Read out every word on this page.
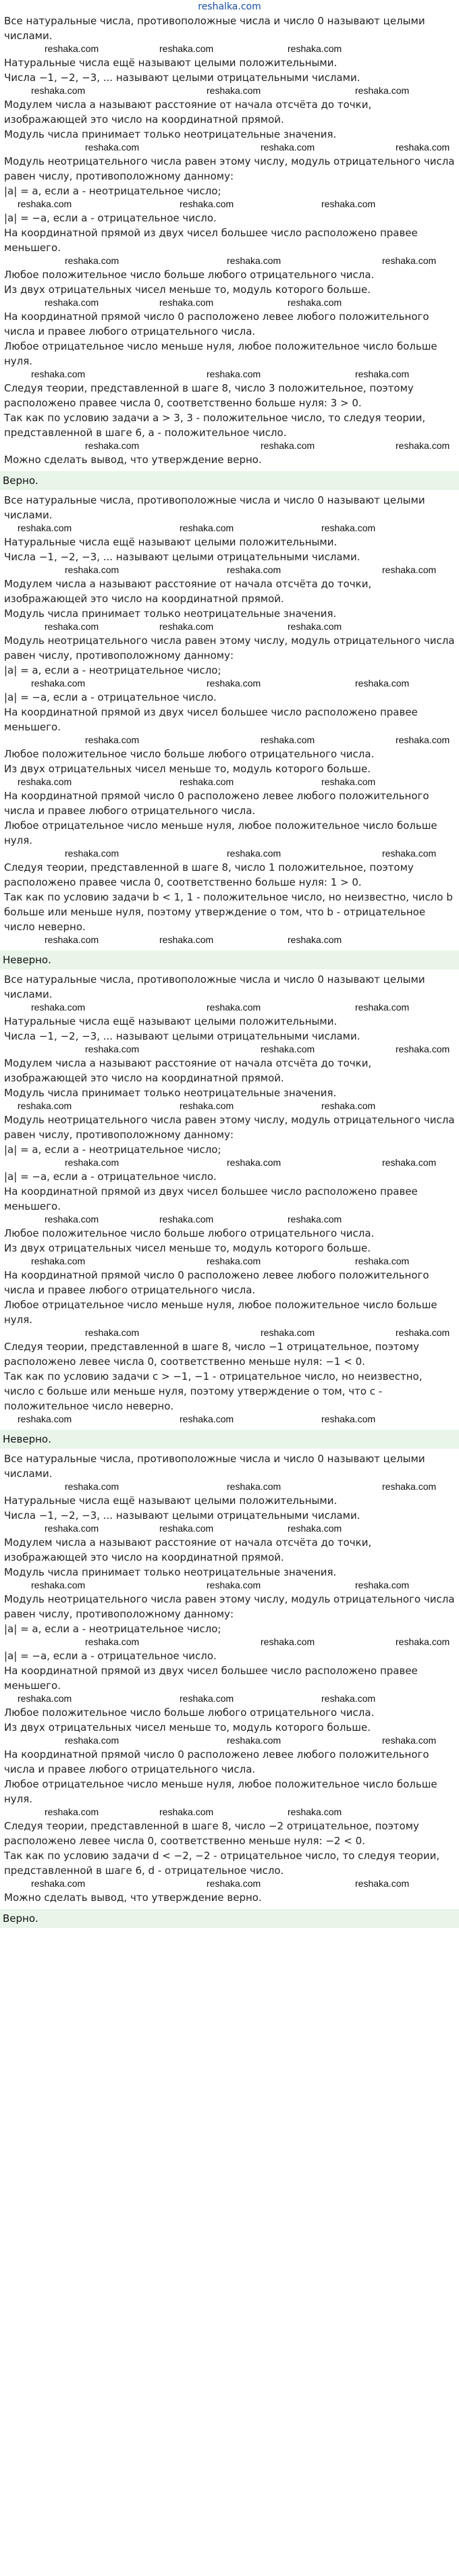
reshalka.com

Все натуральные числа, противоположные числа и число 0 называют целыми числами.

reshaka.com	reshaka.com	reshaka.com

Натуральные числа ещё называют целыми положительными.

Числа −1, −2, −3, ... называют целыми отрицательными числами.

reshaka.com	reshaka.com	reshaka.com

Модулем числа a называют расстояние от начала отсчёта до точки, изображающей это число на координатной прямой.

Модуль числа принимает только неотрицательные значения.

reshaka.com	reshaka.com	reshaka.com

Модуль неотрицательного числа равен этому числу, модуль отрицательного числа равен числу, противоположному данному:

|a| = a, если a - неотрицательное число;

reshaka.com	reshaka.com	reshaka.com

|a| = −a, если a - отрицательное число.

На координатной прямой из двух чисел большее число расположено правее меньшего.

reshaka.com	reshaka.com	reshaka.com

Любое положительное число больше любого отрицательного числа.

Из двух отрицательных чисел меньше то, модуль которого больше.

reshaka.com	reshaka.com	reshaka.com

На координатной прямой число 0 расположено левее любого положительного числа и правее любого отрицательного числа.

Любое отрицательное число меньше нуля, любое положительное число больше нуля.

reshaka.com	reshaka.com	reshaka.com

Следуя теории, представленной в шаге 8, число 3 положительное, поэтому расположено правее числа 0, соответственно больше нуля: 3 > 0.

Так как по условию задачи a > 3, 3 - положительное число, то следуя теории, представленной в шаге 6, a - положительное число.

reshaka.com	reshaka.com	reshaka.com

Можно сделать вывод, что утверждение верно.

Верно.

Все натуральные числа, противоположные числа и число 0 называют целыми числами.

reshaka.com	reshaka.com	reshaka.com

Натуральные числа ещё называют целыми положительными.

Числа −1, −2, −3, ... называют целыми отрицательными числами.

reshaka.com	reshaka.com	reshaka.com

Модулем числа a называют расстояние от начала отсчёта до точки, изображающей это число на координатной прямой.

Модуль числа принимает только неотрицательные значения.

reshaka.com	reshaka.com	reshaka.com

Модуль неотрицательного числа равен этому числу, модуль отрицательного числа равен числу, противоположному данному:

|a| = a, если a - неотрицательное число;

reshaka.com	reshaka.com	reshaka.com

|a| = −a, если a - отрицательное число.

На координатной прямой из двух чисел большее число расположено правее меньшего.

reshaka.com	reshaka.com	reshaka.com

Любое положительное число больше любого отрицательного числа.

Из двух отрицательных чисел меньше то, модуль которого больше.

reshaka.com	reshaka.com	reshaka.com

На координатной прямой число 0 расположено левее любого положительного числа и правее любого отрицательного числа.

Любое отрицательное число меньше нуля, любое положительное число больше нуля.

reshaka.com	reshaka.com	reshaka.com

Следуя теории, представленной в шаге 8, число 1 положительное, поэтому расположено правее числа 0, соответственно больше нуля: 1 > 0.

Так как по условию задачи b < 1, 1 - положительное число, но неизвестно, число b больше или меньше нуля, поэтому утверждение о том, что b - отрицательное число неверно.

reshaka.com	reshaka.com	reshaka.com
Неверно.

Все натуральные числа, противоположные числа и число 0 называют целыми числами.

reshaka.com	reshaka.com	reshaka.com

Натуральные числа ещё называют целыми положительными.

Числа −1, −2, −3, ... называют целыми отрицательными числами.

reshaka.com	reshaka.com	reshaka.com

Модулем числа a называют расстояние от начала отсчёта до точки, изображающей это число на координатной прямой.

Модуль числа принимает только неотрицательные значения.

reshaka.com	reshaka.com	reshaka.com

Модуль неотрицательного числа равен этому числу, модуль отрицательного числа равен числу, противоположному данному:

|a| = a, если a - неотрицательное число;

reshaka.com	reshaka.com	reshaka.com

|a| = −a, если a - отрицательное число.

На координатной прямой из двух чисел большее число расположено правее меньшего.

reshaka.com	reshaka.com	reshaka.com

Любое положительное число больше любого отрицательного числа.

Из двух отрицательных чисел меньше то, модуль которого больше.

reshaka.com	reshaka.com	reshaka.com

На координатной прямой число 0 расположено левее любого положительного числа и правее любого отрицательного числа.

Любое отрицательное число меньше нуля, любое положительное число больше нуля.

reshaka.com	reshaka.com	reshaka.com

Следуя теории, представленной в шаге 8, число −1 отрицательное, поэтому расположено левее числа 0, соответственно меньше нуля: −1 < 0.

Так как по условию задачи c > −1, −1 - отрицательное число, но неизвестно, число c больше или меньше нуля, поэтому утверждение о том, что c - положительное число неверно.

reshaka.com	reshaka.com	reshaka.com
Неверно.

Все натуральные числа, противоположные числа и число 0 называют целыми числами.

reshaka.com	reshaka.com	reshaka.com

Натуральные числа ещё называют целыми положительными.

Числа −1, −2, −3, ... называют целыми отрицательными числами.

reshaka.com	reshaka.com	reshaka.com

Модулем числа a называют расстояние от начала отсчёта до точки, изображающей это число на координатной прямой.

Модуль числа принимает только неотрицательные значения.

reshaka.com	reshaka.com	reshaka.com

Модуль неотрицательного числа равен этому числу, модуль отрицательного числа равен числу, противоположному данному:

|a| = a, если a - неотрицательное число;

reshaka.com	reshaka.com	reshaka.com

|a| = −a, если a - отрицательное число.

На координатной прямой из двух чисел большее число расположено правее меньшего.

reshaka.com	reshaka.com	reshaka.com

Любое положительное число больше любого отрицательного числа.

Из двух отрицательных чисел меньше то, модуль которого больше.

reshaka.com	reshaka.com	reshaka.com

На координатной прямой число 0 расположено левее любого положительного числа и правее любого отрицательного числа.

Любое отрицательное число меньше нуля, любое положительное число больше нуля.

reshaka.com	reshaka.com	reshaka.com

Следуя теории, представленной в шаге 8, число −2 отрицательное, поэтому расположено левее числа 0, соответственно меньше нуля: −2 < 0.

Так как по условию задачи d < −2, −2 - отрицательное число, то следуя теории, представленной в шаге 6, d - отрицательное число.

reshaka.com	reshaka.com	reshaka.com

Можно сделать вывод, что утверждение верно.

Верно.
